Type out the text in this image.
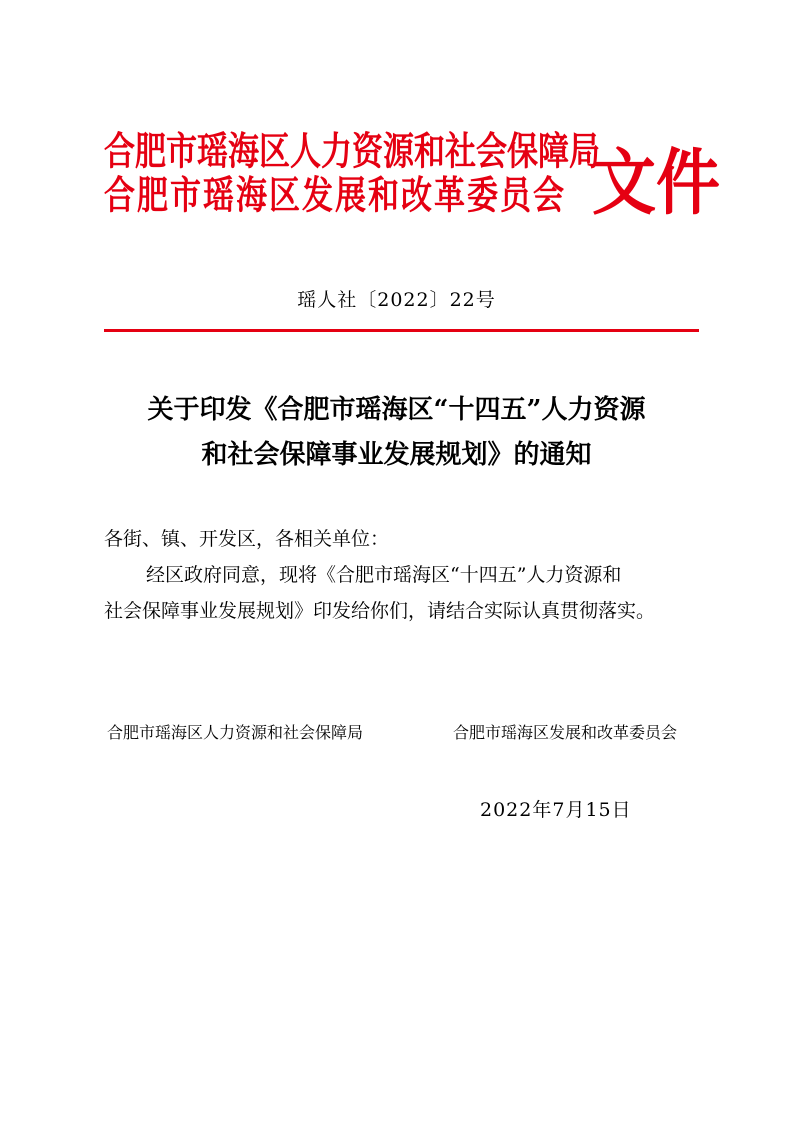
合肥市瑶海区人力资源和社会保障局
合肥市瑶海区发展和改革委员会 文件
瑶人社〔2022〕22号
关于印发《合肥市瑶海区“十四五”人力资源
和社会保障事业发展规划》的通知
各街、镇、开发区，各相关单位：
经区政府同意，现将《合肥市瑶海区“十四五”人力资源和
社会保障事业发展规划》印发给你们，请结合实际认真贯彻落实。
合肥市瑶海区人力资源和社会保障局	合肥市瑶海区发展和改革委员会
2022年7月15日
